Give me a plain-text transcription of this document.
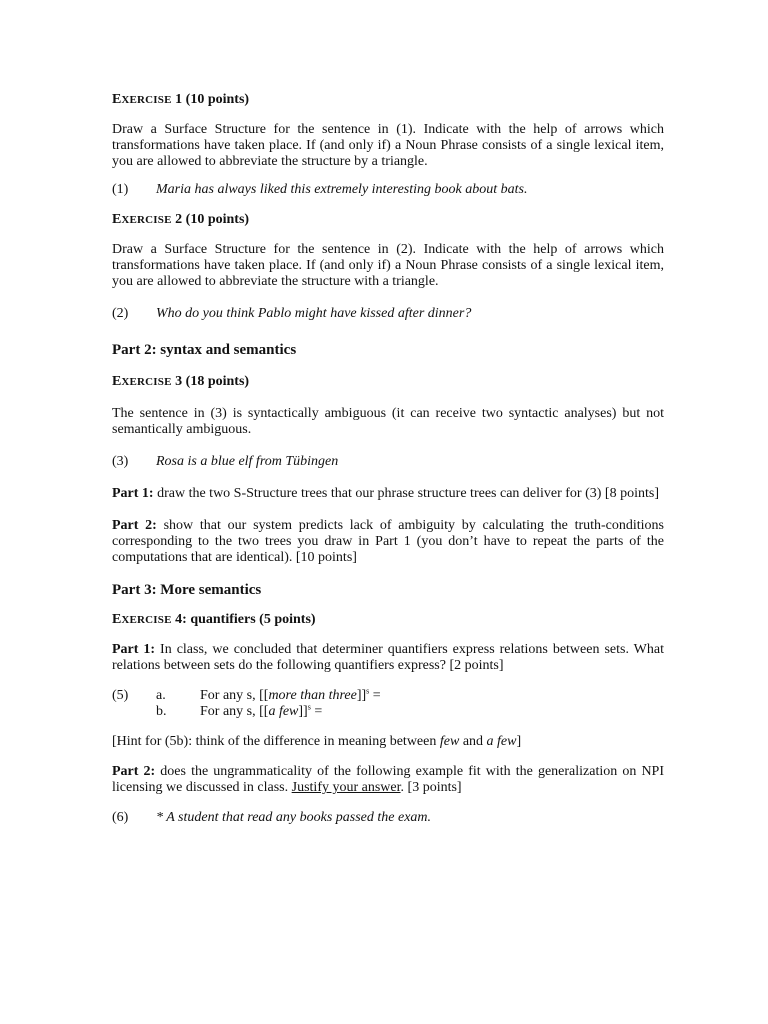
EXERCISE 1 (10 points)

Draw a Surface Structure for the sentence in (1). Indicate with the help of arrows which transformations have taken place. If (and only if) a Noun Phrase consists of a single lexical item, you are allowed to abbreviate the structure by a triangle.

(1)	Maria has always liked this extremely interesting book about bats.

EXERCISE 2 (10 points)

Draw a Surface Structure for the sentence in (2). Indicate with the help of arrows which transformations have taken place. If (and only if) a Noun Phrase consists of a single lexical item, you are allowed to abbreviate the structure with a triangle.

(2)	Who do you think Pablo might have kissed after dinner?

Part 2: syntax and semantics

EXERCISE 3 (18 points)

The sentence in (3) is syntactically ambiguous (it can receive two syntactic analyses) but not semantically ambiguous.

(3)	Rosa is a blue elf from Tübingen

Part 1: draw the two S-Structure trees that our phrase structure trees can deliver for (3) [8 points]

Part 2: show that our system predicts lack of ambiguity by calculating the truth-conditions corresponding to the two trees you draw in Part 1 (you don’t have to repeat the parts of the computations that are identical). [10 points]

Part 3: More semantics

EXERCISE 4: quantifiers (5 points)

Part 1: In class, we concluded that determiner quantifiers express relations between sets. What relations between sets do the following quantifiers express? [2 points]

(5)	a.	For any s, [[more than three]]$^s$ =
b.	For any s, [[a few]]$^s$ =

[Hint for (5b): think of the difference in meaning between few and a few]

Part 2: does the ungrammaticality of the following example fit with the generalization on NPI licensing we discussed in class. Justify your answer. [3 points]

(6)	* A student that read any books passed the exam.
